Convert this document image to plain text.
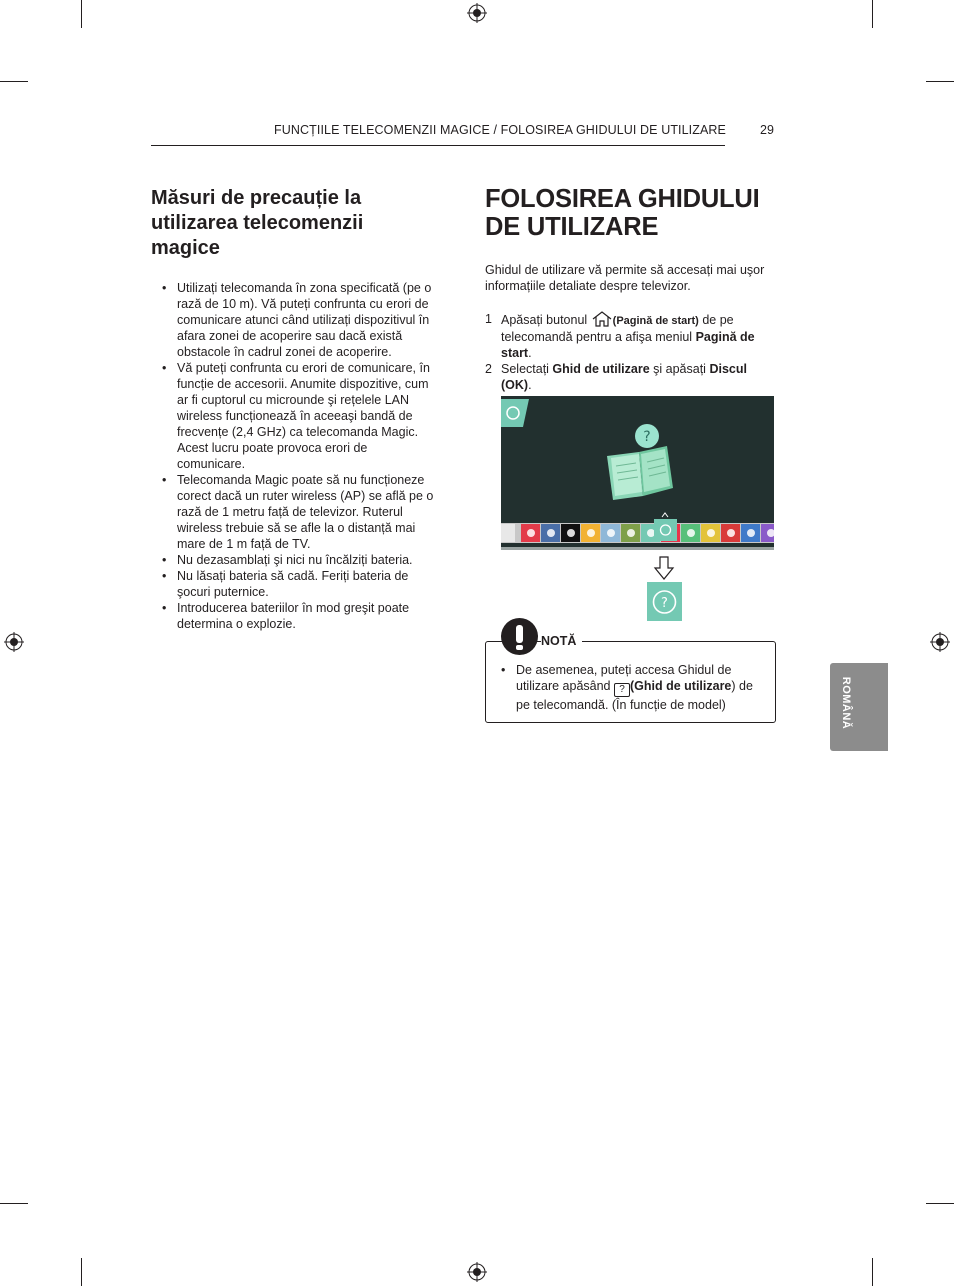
FUNCȚIILE TELECOMENZII MAGICE / FOLOSIREA GHIDULUI DE UTILIZARE	29
Măsuri de precauție la utilizarea telecomenzii magice
• Utilizați telecomanda în zona specificată (pe o rază de 10 m). Vă puteți confrunta cu erori de comunicare atunci când utilizați dispozitivul în afara zonei de acoperire sau dacă există obstacole în cadrul zonei de acoperire.
• Vă puteți confrunta cu erori de comunicare, în funcție de accesorii. Anumite dispozitive, cum ar fi cuptorul cu microunde şi rețelele LAN wireless funcționează în aceeaşi bandă de frecvențe (2,4 GHz) ca telecomanda Magic. Acest lucru poate provoca erori de comunicare.
• Telecomanda Magic poate să nu funcționeze corect dacă un ruter wireless (AP) se află pe o rază de 1 metru față de televizor. Ruterul wireless trebuie să se afle la o distanță mai mare de 1 m față de TV.
• Nu dezasamblați şi nici nu încălziți bateria.
• Nu lăsați bateria să cadă. Feriți bateria de şocuri puternice.
• Introducerea bateriilor în mod greşit poate determina o explozie.
FOLOSIREA GHIDULUI DE UTILIZARE

Ghidul de utilizare vă permite să accesați mai uşor informațiile detaliate despre televizor.

1 Apăsați butonul (Pagină de start) de pe telecomandă pentru a afişa meniul Pagină de start.
2 Selectați Ghid de utilizare şi apăsați Discul (OK).
?
?
NOTĂ
• De asemenea, puteți accesa Ghidul de utilizare apăsând ? (Ghid de utilizare) de pe telecomandă. (În funcție de model)	ROMÂNĂ
